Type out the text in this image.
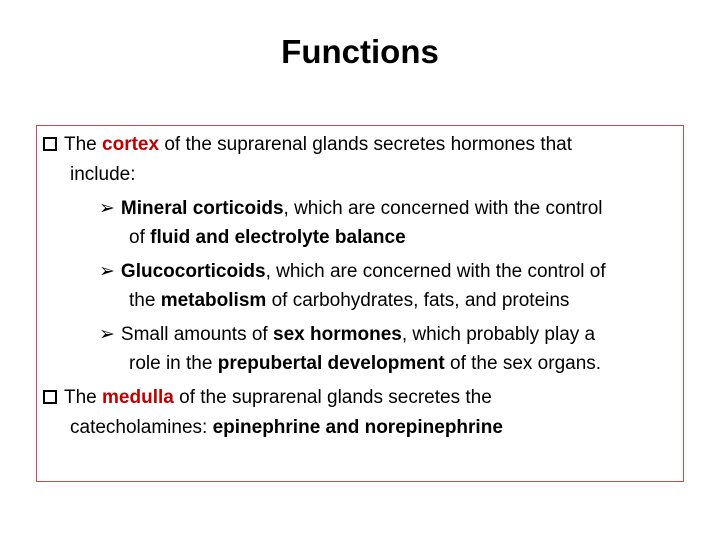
Functions
The cortex of the suprarenal glands secretes hormones that
include:
➢ Mineral corticoids, which are concerned with the control
of fluid and electrolyte balance
➢ Glucocorticoids, which are concerned with the control of
the metabolism of carbohydrates, fats, and proteins
➢ Small amounts of sex hormones, which probably play a
role in the prepubertal development of the sex organs.
The medulla of the suprarenal glands secretes the
catecholamines: epinephrine and norepinephrine
